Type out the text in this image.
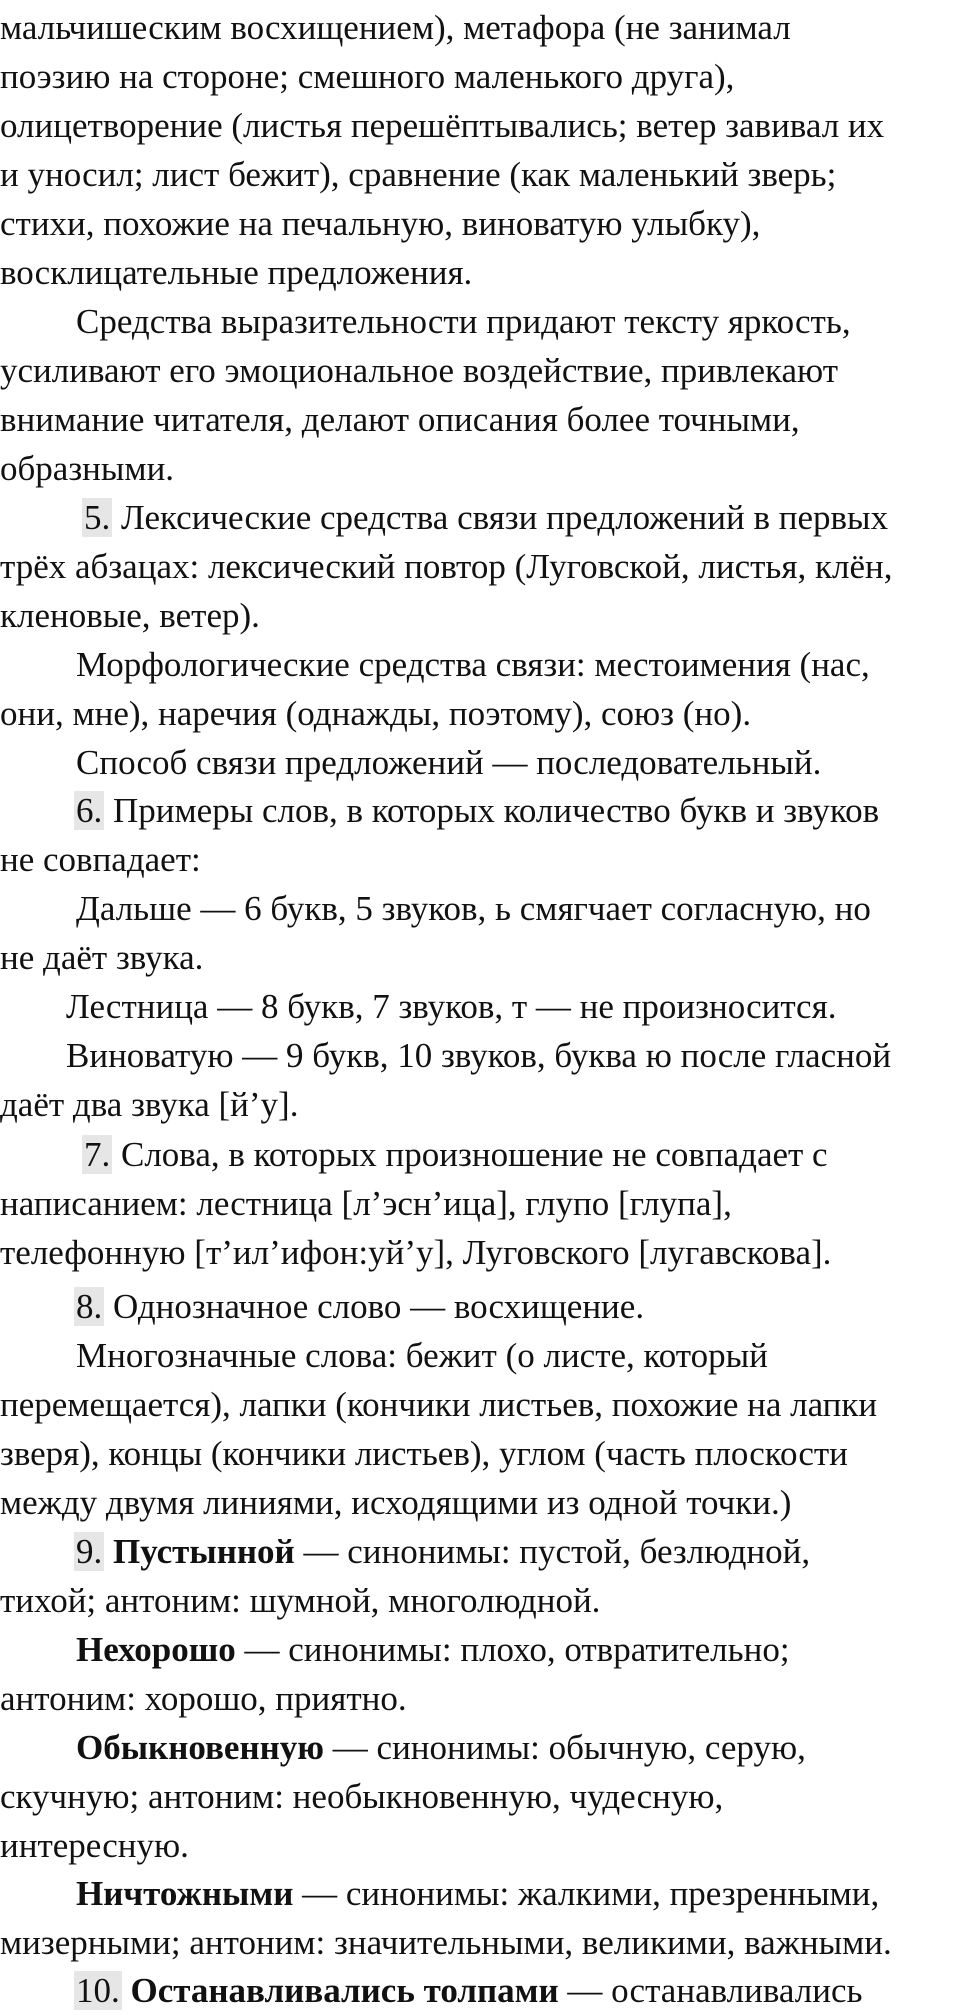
мальчишеским восхищением), метафора (не занимал
поэзию на стороне; смешного маленького друга),
олицетворение (листья перешёптывались; ветер завивал их
и уносил; лист бежит), сравнение (как маленький зверь;
стихи, похожие на печальную, виноватую улыбку),
восклицательные предложения.
Средства выразительности придают тексту яркость,
усиливают его эмоциональное воздействие, привлекают
внимание читателя, делают описания более точными,
образными.
5. Лексические средства связи предложений в первых
трёх абзацах: лексический повтор (Луговской, листья, клён,
кленовые, ветер).
Морфологические средства связи: местоимения (нас,
они, мне), наречия (однажды, поэтому), союз (но).
Способ связи предложений — последовательный.
6. Примеры слов, в которых количество букв и звуков
не совпадает:
Дальше — 6 букв, 5 звуков, ь смягчает согласную, но
не даёт звука.
Лестница — 8 букв, 7 звуков, т — не произносится.
Виноватую — 9 букв, 10 звуков, буква ю после гласной
даёт два звука [й’у].
7. Слова, в которых произношение не совпадает с
написанием: лестница [л’эсн’ица], глупо [глупа],
телефонную [т’ил’ифон:уй’у], Луговского [лугавскова].
8. Однозначное слово — восхищение.
Многозначные слова: бежит (о листе, который
перемещается), лапки (кончики листьев, похожие на лапки
зверя), концы (кончики листьев), углом (часть плоскости
между двумя линиями, исходящими из одной точки.)
9. Пустынной — синонимы: пустой, безлюдной,
тихой; антоним: шумной, многолюдной.
Нехорошо — синонимы: плохо, отвратительно;
антоним: хорошо, приятно.
Обыкновенную — синонимы: обычную, серую,
скучную; антоним: необыкновенную, чудесную,
интересную.
Ничтожными — синонимы: жалкими, презренными,
мизерными; антоним: значительными, великими, важными.
10. Останавливались толпами — останавливались
